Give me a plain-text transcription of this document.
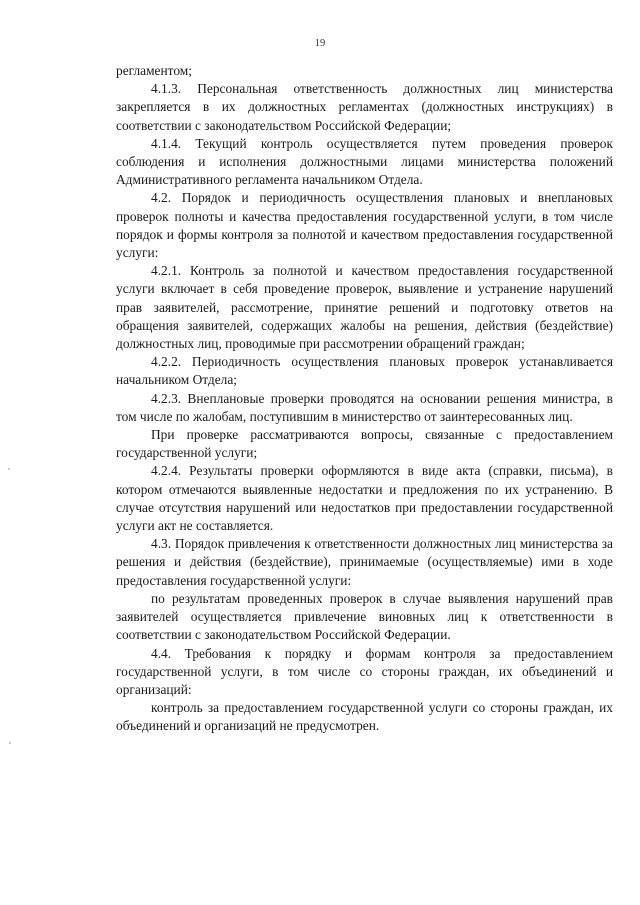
19

регламентом;

4.1.3. Персональная ответственность должностных лиц министерства закрепляется в их должностных регламентах (должностных инструкциях) в соответствии с законодательством Российской Федерации;

4.1.4. Текущий контроль осуществляется путем проведения проверок соблюдения и исполнения должностными лицами министерства положений Административного регламента начальником Отдела.

4.2. Порядок и периодичность осуществления плановых и внеплановых проверок полноты и качества предоставления государственной услуги, в том числе порядок и формы контроля за полнотой и качеством предоставления государственной услуги:

4.2.1. Контроль за полнотой и качеством предоставления государственной услуги включает в себя проведение проверок, выявление и устранение нарушений прав заявителей, рассмотрение, принятие решений и подготовку ответов на обращения заявителей, содержащих жалобы на решения, действия (бездействие) должностных лиц, проводимые при рассмотрении обращений граждан;

4.2.2. Периодичность осуществления плановых проверок устанавливается начальником Отдела;

4.2.3. Внеплановые проверки проводятся на основании решения министра, в том числе по жалобам, поступившим в министерство от заинтересованных лиц.

При проверке рассматриваются вопросы, связанные с предоставлением государственной услуги;

4.2.4. Результаты проверки оформляются в виде акта (справки, письма), в котором отмечаются выявленные недостатки и предложения по их устранению. В случае отсутствия нарушений или недостатков при предоставлении государственной услуги акт не составляется.

4.3. Порядок привлечения к ответственности должностных лиц министерства за решения и действия (бездействие), принимаемые (осуществляемые) ими в ходе предоставления государственной услуги:

по результатам проведенных проверок в случае выявления нарушений прав заявителей осуществляется привлечение виновных лиц к ответственности в соответствии с законодательством Российской Федерации.

4.4. Требования к порядку и формам контроля за предоставлением государственной услуги, в том числе со стороны граждан, их объединений и организаций:

контроль за предоставлением государственной услуги со стороны граждан, их объединений и организаций не предусмотрен.
